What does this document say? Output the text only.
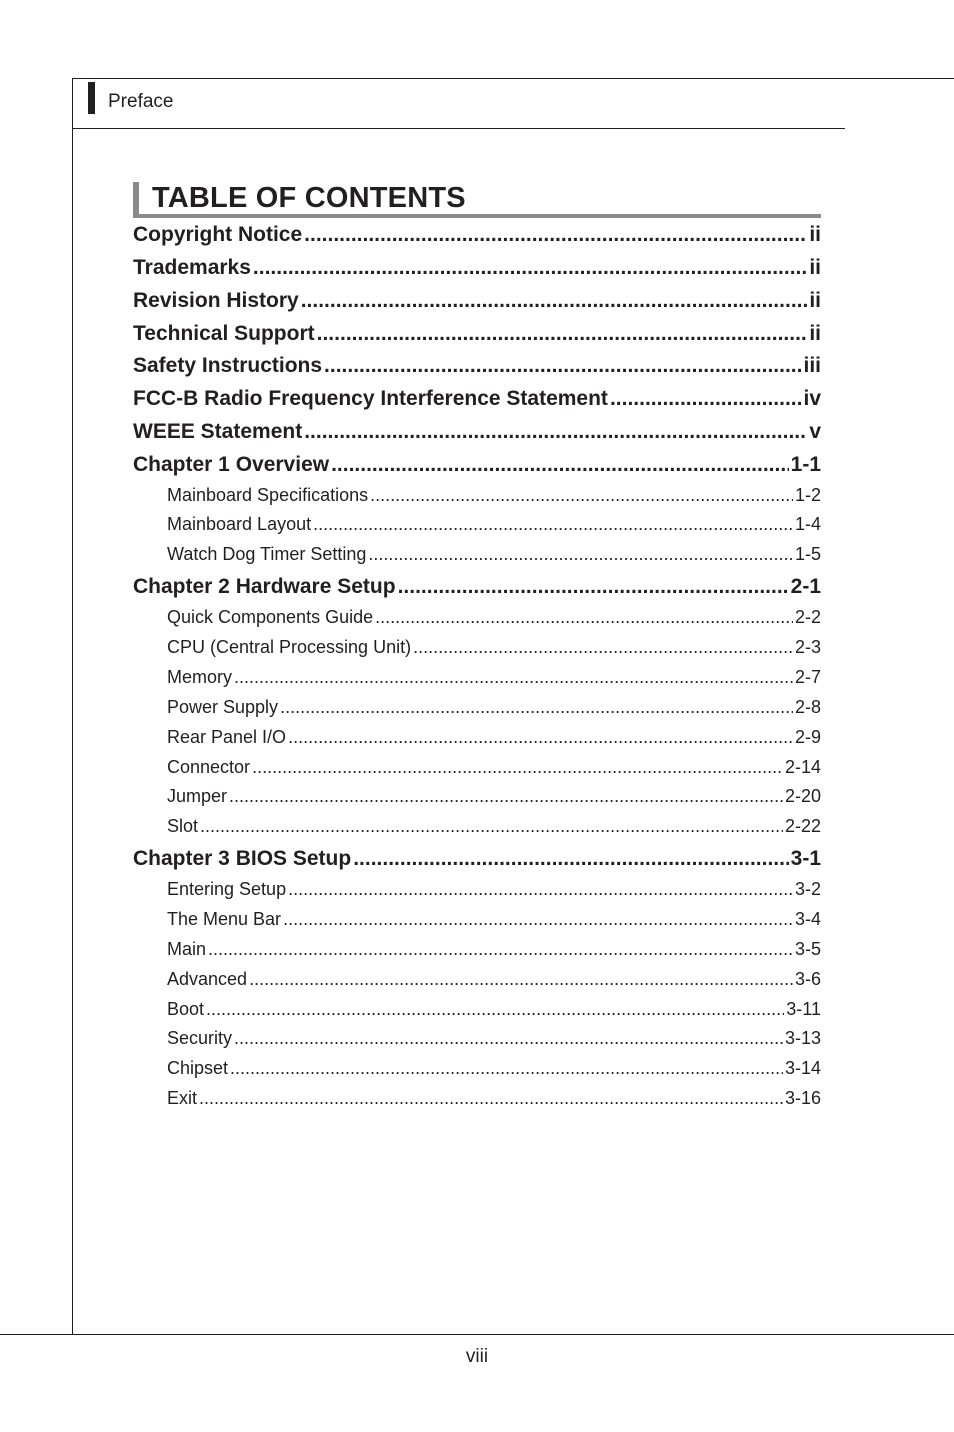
Preface
TABLE OF CONTENTS
Copyright Notice .....	ii
Trademarks .....	ii
Revision History .....	ii
Technical Support .....	ii
Safety Instructions .....	iii
FCC-B Radio Frequency Interference Statement .....	iv
WEEE Statement .....	v
Chapter 1 Overview .....	1-1
Mainboard Specifications .....	1-2
Mainboard Layout .....	1-4
Watch Dog Timer Setting .....	1-5
Chapter 2 Hardware Setup .....	2-1
Quick Components Guide .....	2-2
CPU (Central Processing Unit) .....	2-3
Memory .....	2-7
Power Supply .....	2-8
Rear Panel I/O .....	2-9
Connector .....	2-14
Jumper .....	2-20
Slot .....	2-22
Chapter 3 BIOS Setup .....	3-1
Entering Setup .....	3-2
The Menu Bar .....	3-4
Main .....	3-5
Advanced .....	3-6
Boot .....	3-11
Security .....	3-13
Chipset .....	3-14
Exit .....	3-16
viii
